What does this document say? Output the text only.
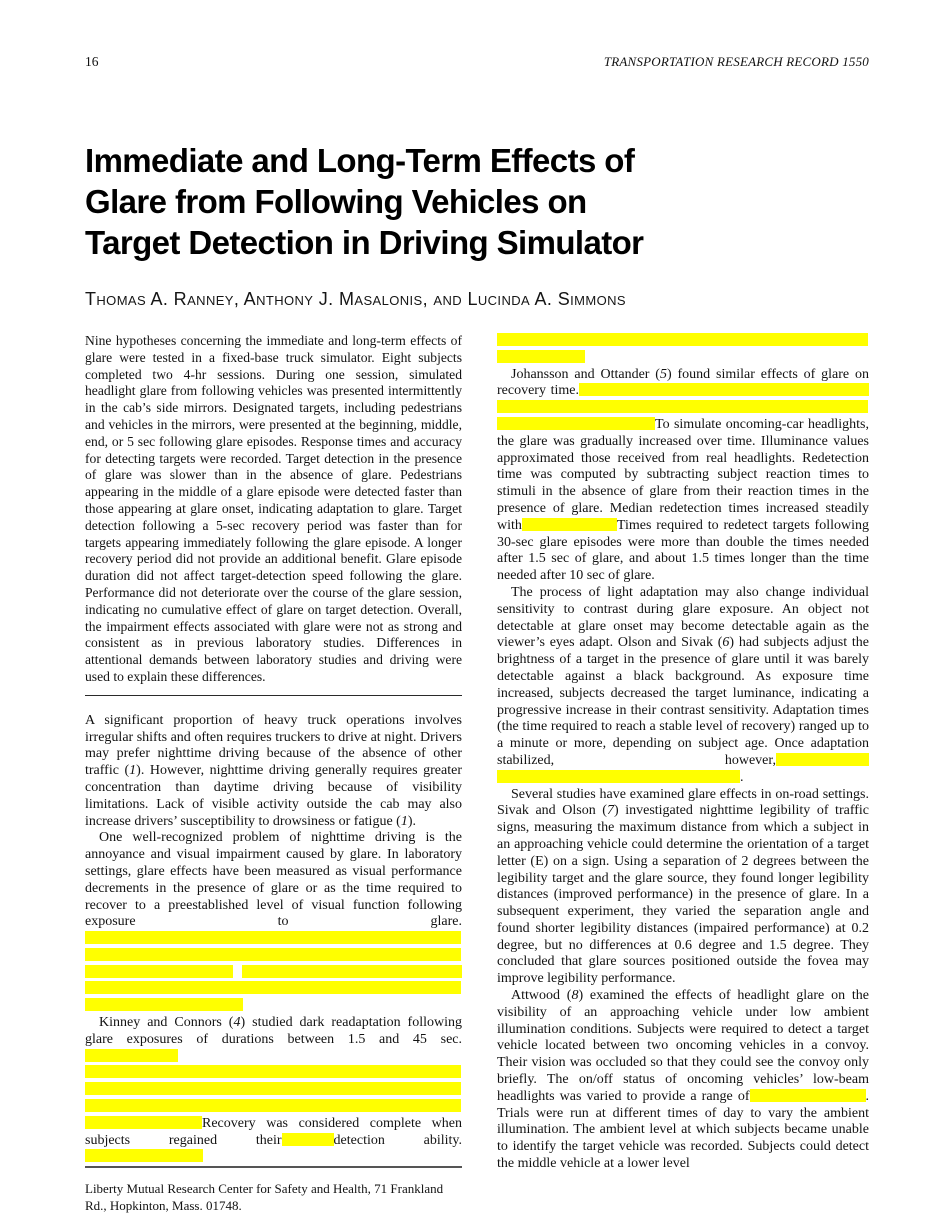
16	TRANSPORTATION RESEARCH RECORD 1550
Immediate and Long-Term Effects of
Glare from Following Vehicles on
Target Detection in Driving Simulator
Thomas A. Ranney, Anthony J. Masalonis, and Lucinda A. Simmons

Nine hypotheses concerning the immediate and long-term effects of glare were tested in a fixed-base truck simulator. Eight subjects completed two 4-hr sessions. During one session, simulated headlight glare from following vehicles was presented intermittently in the cab’s side mirrors. Designated targets, including pedestrians and vehicles in the mirrors, were presented at the beginning, middle, end, or 5 sec following glare episodes. Response times and accuracy for detecting targets were recorded. Target detection in the presence of glare was slower than in the absence of glare. Pedestrians appearing in the middle of a glare episode were detected faster than those appearing at glare onset, indicating adaptation to glare. Target detection following a 5-sec recovery period was faster than for targets appearing immediately following the glare episode. A longer recovery period did not provide an additional benefit. Glare episode duration did not affect target-detection speed following the glare. Performance did not deteriorate over the course of the glare session, indicating no cumulative effect of glare on target detection. Overall, the impairment effects associated with glare were not as strong and consistent as in previous laboratory studies. Differences in attentional demands between laboratory studies and driving were used to explain these differences.

A significant proportion of heavy truck operations involves irregular shifts and often requires truckers to drive at night. Drivers may prefer nighttime driving because of the absence of other traffic (1). However, nighttime driving generally requires greater concentration than daytime driving because of visibility limitations. Lack of visible activity outside the cab may also increase drivers’ susceptibility to drowsiness or fatigue (1).

One well-recognized problem of nighttime driving is the annoyance and visual impairment caused by glare. In laboratory settings, glare effects have been measured as visual performance decrements in the presence of glare or as the time required to recover to a preestablished level of visual function following exposure to glare.

Kinney and Connors (4) studied dark readaptation following glare exposures of durations between 1.5 and 45 sec.    Recovery was considered complete when subjects regained their	detection ability.

Liberty Mutual Research Center for Safety and Health, 71 Frankland Rd., Hopkinton, Mass. 01748.

Johansson and Ottander (5) found similar effects of glare on recovery time.  To simulate oncoming-car headlights, the glare was gradually increased over time. Illuminance values approximated those received from real headlights. Redetection time was computed by subtracting subject reaction times to stimuli in the absence of glare from their reaction times in the presence of glare. Median redetection times increased steadily with	Times required to redetect targets following 30-sec glare episodes were more than double the times needed after 1.5 sec of glare, and about 1.5 times longer than the time needed after 10 sec of glare.

The process of light adaptation may also change individual sensitivity to contrast during glare exposure. An object not detectable at glare onset may become detectable again as the viewer’s eyes adapt. Olson and Sivak (6) had subjects adjust the brightness of a target in the presence of glare until it was barely detectable against a black background. As exposure time increased, subjects decreased the target luminance, indicating a progressive increase in their contrast sensitivity. Adaptation times (the time required to reach a stable level of recovery) ranged up to a minute or more, depending on subject age. Once adaptation stabilized, however, .

Several studies have examined glare effects in on-road settings. Sivak and Olson (7) investigated nighttime legibility of traffic signs, measuring the maximum distance from which a subject in an approaching vehicle could determine the orientation of a target letter (E) on a sign. Using a separation of 2 degrees between the legibility target and the glare source, they found longer legibility distances (improved performance) in the presence of glare. In a subsequent experiment, they varied the separation angle and found shorter legibility distances (impaired performance) at 0.2 degree, but no differences at 0.6 degree and 1.5 degree. They concluded that glare sources positioned outside the fovea may improve legibility performance.

Attwood (8) examined the effects of headlight glare on the visibility of an approaching vehicle under low ambient illumination conditions. Subjects were required to detect a target vehicle located between two oncoming vehicles in a convoy. Their vision was occluded so that they could see the convoy only briefly. The on/off status of oncoming vehicles’ low-beam headlights was varied to provide a range of	. Trials were run at different times of day to vary the ambient illumination. The ambient level at which subjects became unable to identify the target vehicle was recorded. Subjects could detect the middle vehicle at a lower level
